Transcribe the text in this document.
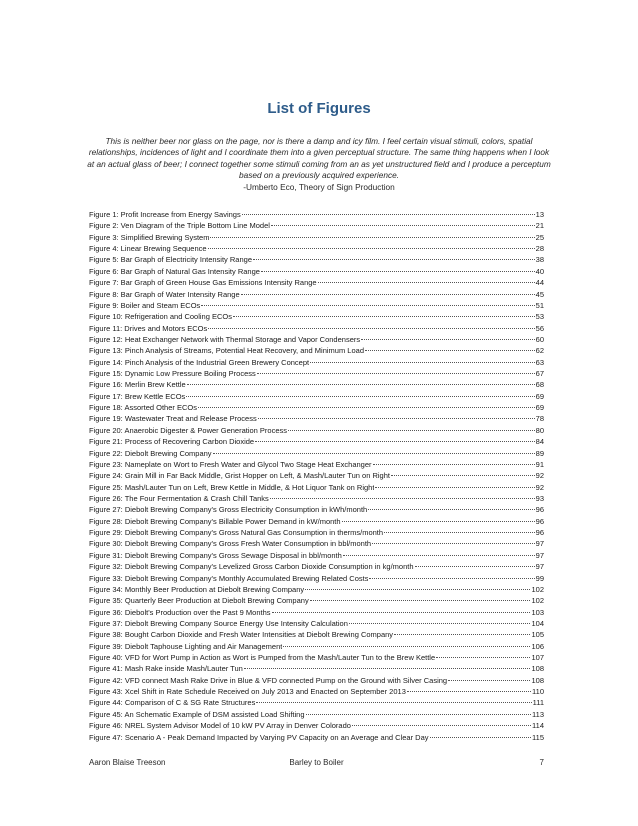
List of Figures
This is neither beer nor glass on the page, nor is there a damp and icy film. I feel certain visual stimuli, colors, spatial relationships, incidences of light and I coordinate them into a given perceptual structure. The same thing happens when I look at an actual glass of beer; I connect together some stimuli coming from an as yet unstructured field and I produce a perceptum based on a previously acquired experience.
-Umberto Eco, Theory of Sign Production
Figure 1: Profit Increase from Energy Savings	13
Figure 2: Ven Diagram of the Triple Bottom Line Model	21
Figure 3: Simplified Brewing System	25
Figure 4: Linear Brewing Sequence	28
Figure 5: Bar Graph of Electricity Intensity Range	38
Figure 6: Bar Graph of Natural Gas Intensity Range	40
Figure 7: Bar Graph of Green House Gas Emissions Intensity Range	44
Figure 8: Bar Graph of Water Intensity Range	45
Figure 9: Boiler and Steam ECOs	51
Figure 10: Refrigeration and Cooling ECOs	53
Figure 11: Drives and Motors ECOs	56
Figure 12: Heat Exchanger Network with Thermal Storage and Vapor Condensers	60
Figure 13: Pinch Analysis of Streams, Potential Heat Recovery, and Minimum Load	62
Figure 14: Pinch Analysis of the Industrial Green Brewery Concept	63
Figure 15: Dynamic Low Pressure Boiling Process	67
Figure 16: Merlin Brew Kettle	68
Figure 17: Brew Kettle ECOs	69
Figure 18: Assorted Other ECOs	69
Figure 19: Wastewater Treat and Release Process	78
Figure 20: Anaerobic Digester & Power Generation Process	80
Figure 21: Process of Recovering Carbon Dioxide	84
Figure 22: Diebolt Brewing Company	89
Figure 23: Nameplate on Wort to Fresh Water and Glycol Two Stage Heat Exchanger	91
Figure 24: Grain Mill in Far Back Middle, Grist Hopper on Left, & Mash/Lauter Tun on Right	92
Figure 25: Mash/Lauter Tun on Left, Brew Kettle in Middle, & Hot Liquor Tank on Right	92
Figure 26: The Four Fermentation & Crash Chill Tanks	93
Figure 27: Diebolt Brewing Company's Gross Electricity Consumption in kWh/month	96
Figure 28: Diebolt Brewing Company's Billable Power Demand in kW/month	96
Figure 29: Diebolt Brewing Company's Gross Natural Gas Consumption in therms/month	96
Figure 30: Diebolt Brewing Company's Gross Fresh Water Consumption in bbl/month	97
Figure 31: Diebolt Brewing Company's Gross Sewage Disposal in bbl/month	97
Figure 32: Diebolt Brewing Company's Levelized Gross Carbon Dioxide Consumption in kg/month	97
Figure 33: Diebolt Brewing Company's Monthly Accumulated Brewing Related Costs	99
Figure 34: Monthly Beer Production at Diebolt Brewing Company	102
Figure 35: Quarterly Beer Production at Diebolt Brewing Company	102
Figure 36: Diebolt's Production over the Past 9 Months	103
Figure 37: Diebolt Brewing Company Source Energy Use Intensity Calculation	104
Figure 38: Bought Carbon Dioxide and Fresh Water Intensities at Diebolt Brewing Company	105
Figure 39: Diebolt Taphouse Lighting and Air Management	106
Figure 40: VFD for Wort Pump in Action as Wort is Pumped from the Mash/Lauter Tun to the Brew Kettle	107
Figure 41: Mash Rake inside Mash/Lauter Tun	108
Figure 42: VFD connect Mash Rake Drive in Blue & VFD connected Pump on the Ground with Silver Casing	108
Figure 43: Xcel Shift in Rate Schedule Received on July 2013 and Enacted on September 2013	110
Figure 44: Comparison of C & SG Rate Structures	111
Figure 45: An Schematic Example of DSM assisted Load Shifting	113
Figure 46: NREL System Advisor Model of 10 kW PV Array in Denver Colorado	114
Figure 47: Scenario A - Peak Demand Impacted by Varying PV Capacity on an Average and Clear Day	115
Aaron Blaise Treeson	Barley to Boiler	7
